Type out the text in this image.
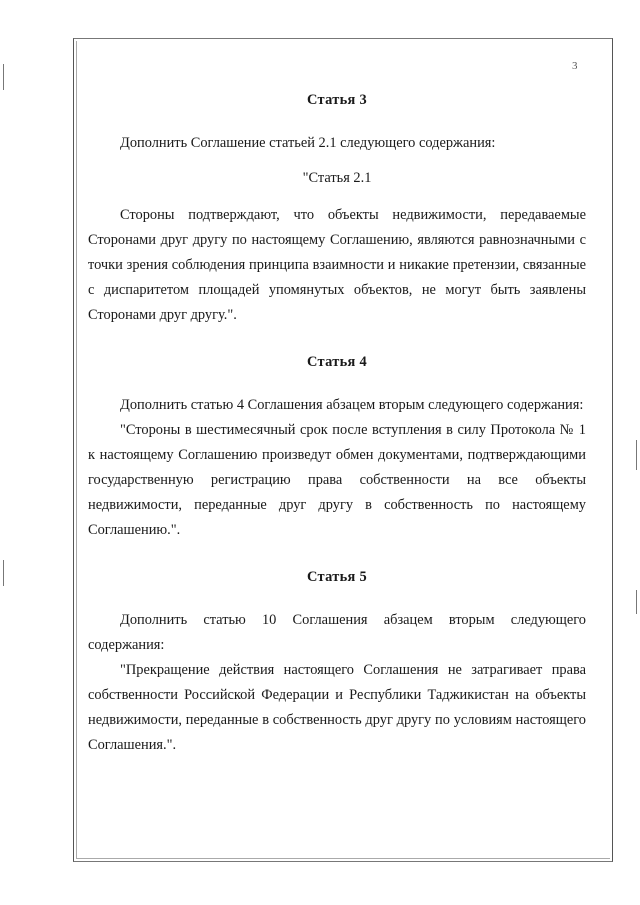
3
Статья 3

Дополнить Соглашение статьей 2.1 следующего содержания:

"Статья 2.1

Стороны подтверждают, что объекты недвижимости, передаваемые Сторонами друг другу по настоящему Соглашению, являются равнозначными с точки зрения соблюдения принципа взаимности и никакие претензии, связанные с диспаритетом площадей упомянутых объектов, не могут быть заявлены Сторонами друг другу.".

Статья 4

Дополнить статью 4 Соглашения абзацем вторым следующего содержания:

"Стороны в шестимесячный срок после вступления в силу Протокола № 1 к настоящему Соглашению произведут обмен документами, подтверждающими государственную регистрацию права собственности на все объекты недвижимости, переданные друг другу в собственность по настоящему Соглашению.".

Статья 5

Дополнить статью 10 Соглашения абзацем вторым следующего содержания:

"Прекращение действия настоящего Соглашения не затрагивает права собственности Российской Федерации и Республики Таджикистан на объекты недвижимости, переданные в собственность друг другу по условиям настоящего Соглашения.".
